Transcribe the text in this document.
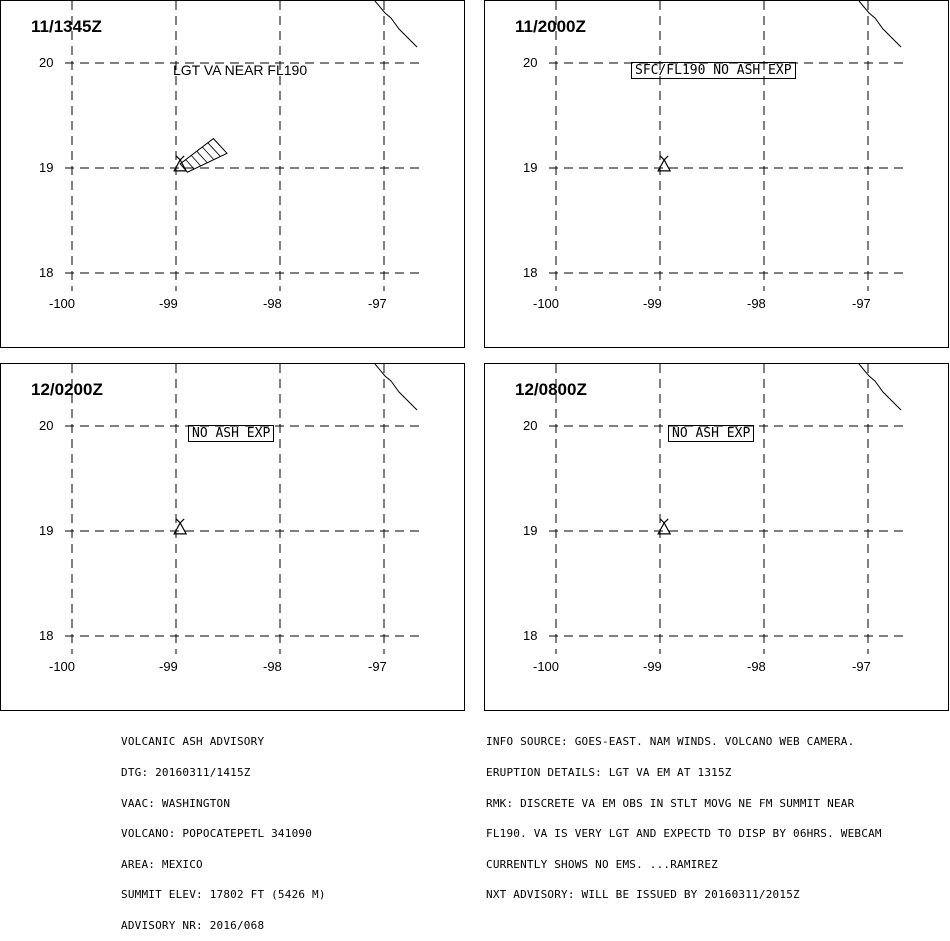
11/1345Z
LGT VA NEAR FL190
20
19
18
-100	-99	-98	-97
11/2000Z
SFC/FL190 NO ASH EXP
20
19
18
-100	-99	-98	-97
12/0200Z
NO ASH EXP
20
19
18
-100	-99	-98	-97
12/0800Z
NO ASH EXP
20
19
18
-100	-99	-98	-97

VOLCANIC ASH ADVISORY

DTG: 20160311/1415Z

VAAC: WASHINGTON

VOLCANO: POPOCATEPETL 341090

AREA: MEXICO

SUMMIT ELEV: 17802 FT (5426 M)

ADVISORY NR: 2016/068

INFO SOURCE: GOES-EAST. NAM WINDS. VOLCANO WEB CAMERA.

ERUPTION DETAILS: LGT VA EM AT 1315Z

RMK: DISCRETE VA EM OBS IN STLT MOVG NE FM SUMMIT NEAR

FL190. VA IS VERY LGT AND EXPECTD TO DISP BY 06HRS. WEBCAM

CURRENTLY SHOWS NO EMS. ...RAMIREZ

NXT ADVISORY: WILL BE ISSUED BY 20160311/2015Z
